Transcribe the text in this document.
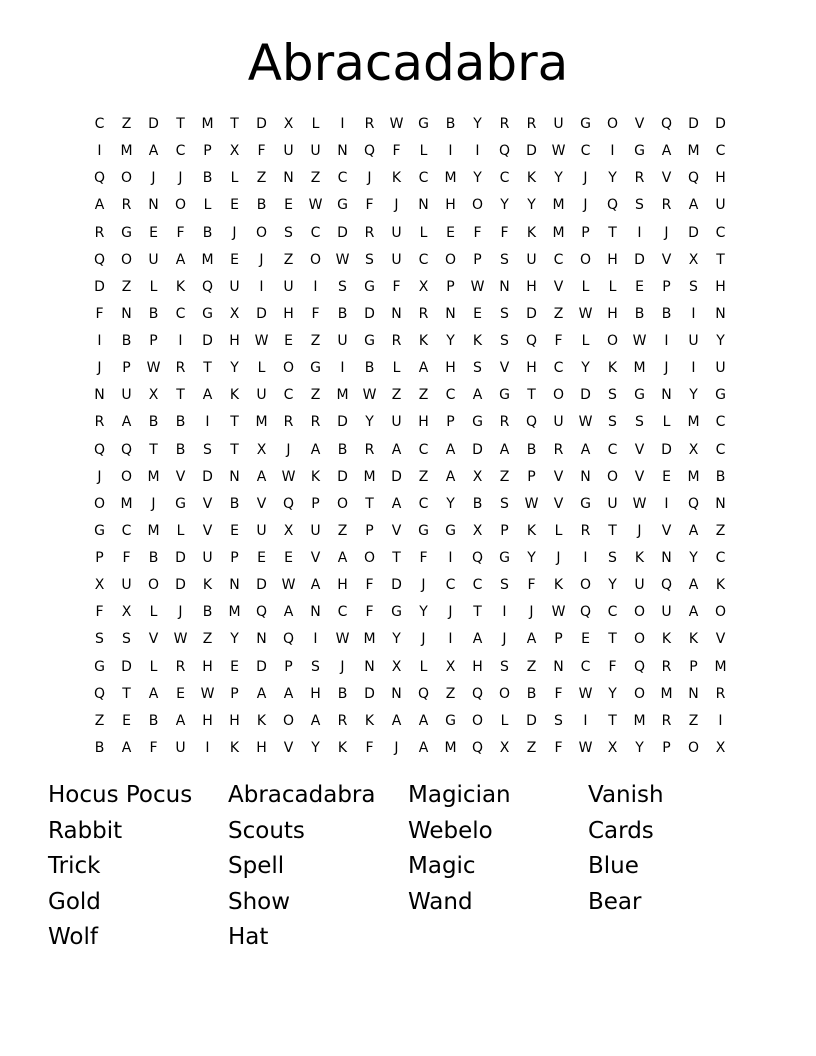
Abracadabra
C	Z	D	T	M	T	D	X	L	I	R	W	G	B	Y	R	R	U	G	O	V	Q	D	D
I	M	A	C	P	X	F	U	U	N	Q	F	L	I	I	Q	D	W	C	I	G	A	M	C
Q	O	J	J	B	L	Z	N	Z	C	J	K	C	M	Y	C	K	Y	J	Y	R	V	Q	H
A	R	N	O	L	E	B	E	W	G	F	J	N	H	O	Y	Y	M	J	Q	S	R	A	U
R	G	E	F	B	J	O	S	C	D	R	U	L	E	F	F	K	M	P	T	I	J	D	C
Q	O	U	A	M	E	J	Z	O	W	S	U	C	O	P	S	U	C	O	H	D	V	X	T
D	Z	L	K	Q	U	I	U	I	S	G	F	X	P	W	N	H	V	L	L	E	P	S	H
F	N	B	C	G	X	D	H	F	B	D	N	R	N	E	S	D	Z	W	H	B	B	I	N
I	B	P	I	D	H	W	E	Z	U	G	R	K	Y	K	S	Q	F	L	O	W	I	U	Y
J	P	W	R	T	Y	L	O	G	I	B	L	A	H	S	V	H	C	Y	K	M	J	I	U
N	U	X	T	A	K	U	C	Z	M	W	Z	Z	C	A	G	T	O	D	S	G	N	Y	G
R	A	B	B	I	T	M	R	R	D	Y	U	H	P	G	R	Q	U	W	S	S	L	M	C
Q	Q	T	B	S	T	X	J	A	B	R	A	C	A	D	A	B	R	A	C	V	D	X	C
J	O	M	V	D	N	A	W	K	D	M	D	Z	A	X	Z	P	V	N	O	V	E	M	B
O	M	J	G	V	B	V	Q	P	O	T	A	C	Y	B	S	W	V	G	U	W	I	Q	N
G	C	M	L	V	E	U	X	U	Z	P	V	G	G	X	P	K	L	R	T	J	V	A	Z
P	F	B	D	U	P	E	E	V	A	O	T	F	I	Q	G	Y	J	I	S	K	N	Y	C
X	U	O	D	K	N	D	W	A	H	F	D	J	C	C	S	F	K	O	Y	U	Q	A	K
F	X	L	J	B	M	Q	A	N	C	F	G	Y	J	T	I	J	W	Q	C	O	U	A	O
S	S	V	W	Z	Y	N	Q	I	W	M	Y	J	I	A	J	A	P	E	T	O	K	K	V
G	D	L	R	H	E	D	P	S	J	N	X	L	X	H	S	Z	N	C	F	Q	R	P	M
Q	T	A	E	W	P	A	A	H	B	D	N	Q	Z	Q	O	B	F	W	Y	O	M	N	R
Z	E	B	A	H	H	K	O	A	R	K	A	A	G	O	L	D	S	I	T	M	R	Z	I
B	A	F	U	I	K	H	V	Y	K	F	J	A	M	Q	X	Z	F	W	X	Y	P	O	X
Hocus Pocus	Abracadabra	Magician	Vanish
Rabbit	Scouts	Webelo	Cards
Trick	Spell	Magic	Blue
Gold	Show	Wand	Bear
Wolf	Hat
